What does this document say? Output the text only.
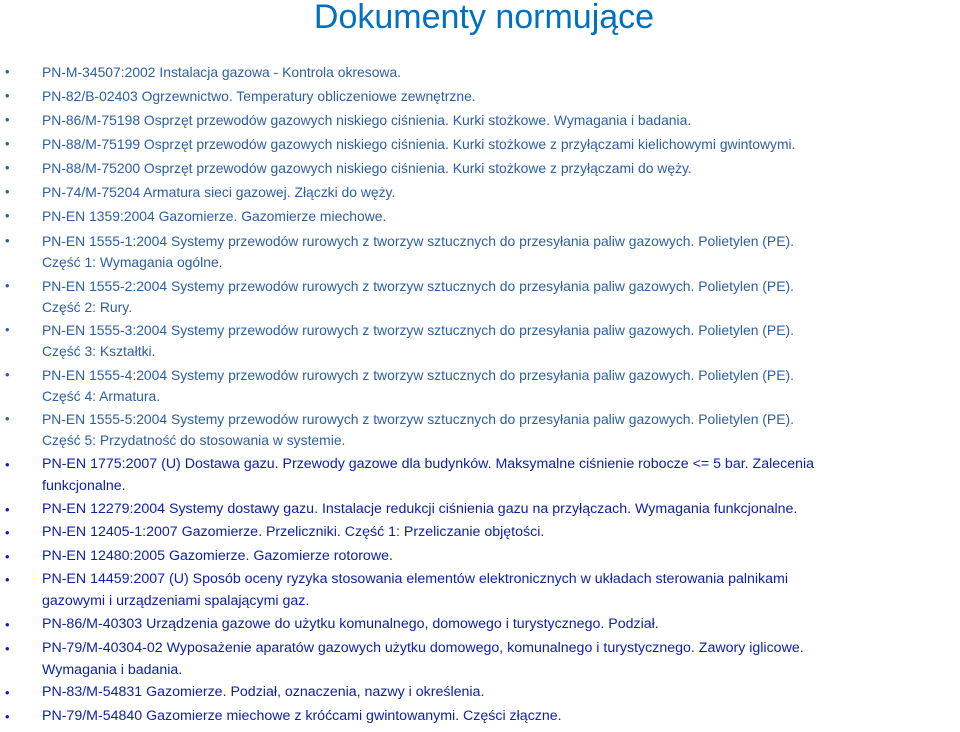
Dokumenty normujące
• PN-M-34507:2002 Instalacja gazowa - Kontrola okresowa.
• PN-82/B-02403 Ogrzewnictwo. Temperatury obliczeniowe zewnętrzne.
• PN-86/M-75198 Osprzęt przewodów gazowych niskiego ciśnienia. Kurki stożkowe. Wymagania i badania.
• PN-88/M-75199 Osprzęt przewodów gazowych niskiego ciśnienia. Kurki stożkowe z przyłączami kielichowymi gwintowymi.
• PN-88/M-75200 Osprzęt przewodów gazowych niskiego ciśnienia. Kurki stożkowe z przyłączami do węży.
• PN-74/M-75204 Armatura sieci gazowej. Złączki do węży.
• PN-EN 1359:2004 Gazomierze. Gazomierze miechowe.
• PN-EN 1555-1:2004 Systemy przewodów rurowych z tworzyw sztucznych do przesyłania paliw gazowych. Polietylen (PE).
Część 1: Wymagania ogólne.
• PN-EN 1555-2:2004 Systemy przewodów rurowych z tworzyw sztucznych do przesyłania paliw gazowych. Polietylen (PE).
Część 2: Rury.
• PN-EN 1555-3:2004 Systemy przewodów rurowych z tworzyw sztucznych do przesyłania paliw gazowych. Polietylen (PE).
Część 3: Kształtki.
• PN-EN 1555-4:2004 Systemy przewodów rurowych z tworzyw sztucznych do przesyłania paliw gazowych. Polietylen (PE).
Część 4: Armatura.
• PN-EN 1555-5:2004 Systemy przewodów rurowych z tworzyw sztucznych do przesyłania paliw gazowych. Polietylen (PE).
Część 5: Przydatność do stosowania w systemie.
• PN-EN 1775:2007 (U) Dostawa gazu. Przewody gazowe dla budynków. Maksymalne ciśnienie robocze <= 5 bar. Zalecenia
funkcjonalne.
• PN-EN 12279:2004 Systemy dostawy gazu. Instalacje redukcji ciśnienia gazu na przyłączach. Wymagania funkcjonalne.
• PN-EN 12405-1:2007 Gazomierze. Przeliczniki. Część 1: Przeliczanie objętości.
• PN-EN 12480:2005 Gazomierze. Gazomierze rotorowe.
• PN-EN 14459:2007 (U) Sposób oceny ryzyka stosowania elementów elektronicznych w układach sterowania palnikami
gazowymi i urządzeniami spalającymi gaz.
• PN-86/M-40303 Urządzenia gazowe do użytku komunalnego, domowego i turystycznego. Podział.
• PN-79/M-40304-02 Wyposażenie aparatów gazowych użytku domowego, komunalnego i turystycznego. Zawory iglicowe.
Wymagania i badania.
• PN-83/M-54831 Gazomierze. Podział, oznaczenia, nazwy i określenia.
• PN-79/M-54840 Gazomierze miechowe z króćcami gwintowanymi. Części złączne.
